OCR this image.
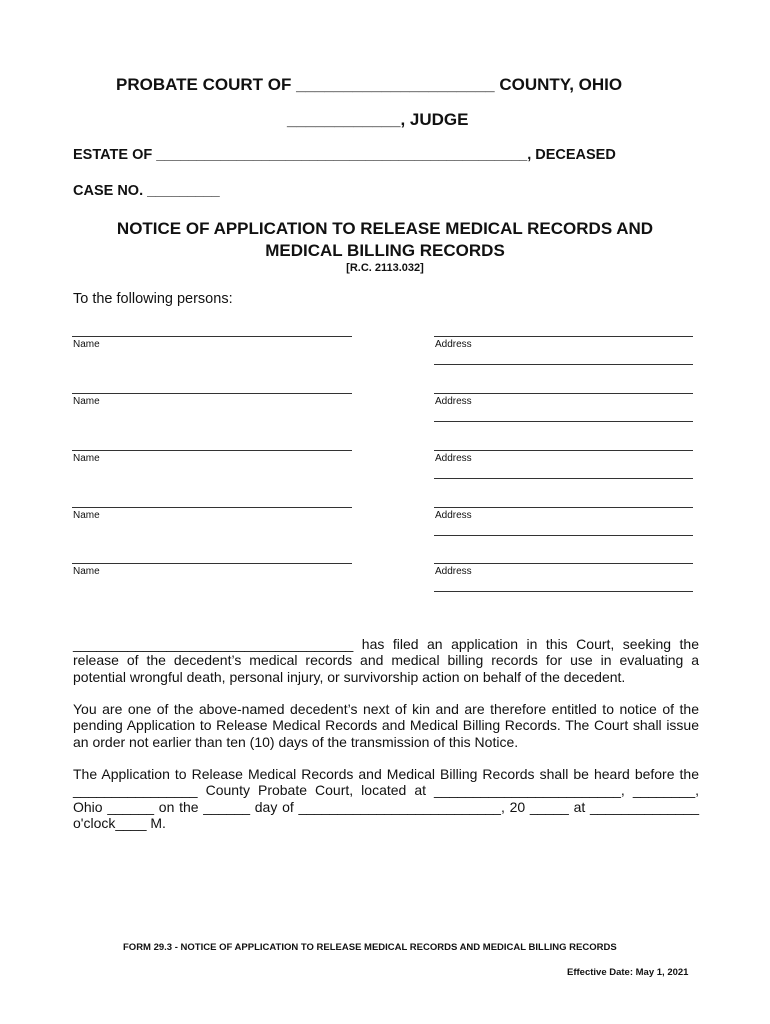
PROBATE COURT OF _____________________ COUNTY, OHIO
____________, JUDGE
ESTATE OF ______________________________________________, DECEASED
CASE NO. _________
NOTICE OF APPLICATION TO RELEASE MEDICAL RECORDS AND
MEDICAL BILLING RECORDS
[R.C. 2113.032]
To the following persons:
Name	Address
Name	Address
Name	Address
Name	Address
Name	Address
____________________________________ has filed an application in this Court, seeking the release of the decedent’s medical records and medical billing records for use in evaluating a potential wrongful death, personal injury, or survivorship action on behalf of the decedent.
You are one of the above-named decedent’s next of kin and are therefore entitled to notice of the pending Application to Release Medical Records and Medical Billing Records. The Court shall issue an order not earlier than ten (10) days of the transmission of this Notice.
The Application to Release Medical Records and Medical Billing Records shall be heard before the ________________ County Probate Court, located at ________________________, ________, Ohio ______ on the ______ day of __________________________, 20 _____ at ______________ o'clock____ M.
FORM 29.3 - NOTICE OF APPLICATION TO RELEASE MEDICAL RECORDS AND MEDICAL BILLING RECORDS
Effective Date: May 1, 2021
